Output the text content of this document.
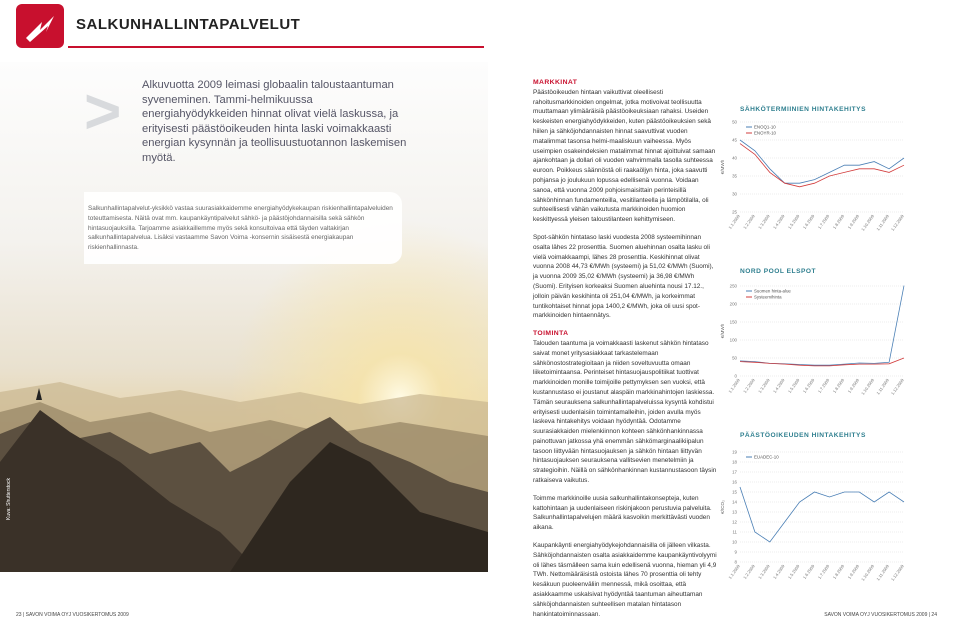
SALKUNHALLINTAPALVELUT
> Alkuvuotta 2009 leimasi globaalin taloustaantuman syveneminen. Tammi-helmikuussa energiahyödykkeiden hinnat olivat vielä laskussa, ja erityisesti päästöoikeuden hinta laski voimakkaasti energian kysynnän ja teollisuustuotannon laskemisen myötä.
Salkunhallintapalvelut-yksikkö vastaa suurasiakkaidemme energiahyödykekaupan riskienhallintapalveluiden toteuttamisesta. Näitä ovat mm. kaupankäyntipalvelut sähkö- ja päästöjohdannaisilla sekä sähkön hintasuojauksilla. Tarjoamme asiakkaillemme myös sekä konsultoivaa että täyden valtakirjan salkunhallintapalvelua. Lisäksi vastaamme Savon Voima -konsernin sisäisestä energiakaupan riskienhallinnasta.
Kuva: Shutterstock
23 | SAVON VOIMA OYJ VUOSIKERTOMUS 2009
MARKKINAT
Päästöoikeuden hintaan vaikuttivat oleellisesti rahoitusmarkkinoiden ongelmat, jotka motivoivat teollisuutta muuttamaan ylimääräisiä päästöoikeuksiaan rahaksi. Useiden keskeisten energiahyödykkeiden, kuten päästöoikeuksien sekä hiilen ja sähköjohdannaisten hinnat saavuttivat vuoden matalimmat tasonsa helmi-maaliskuun vaiheessa. Myös useimpien osakeindeksien matalimmat hinnat ajoittuivat samaan ajankohtaan ja dollari oli vuoden vahvimmalla tasolla suhteessa euroon. Poikkeus säännöstä oli raakaöljyn hinta, joka saavutti pohjansa jo joulukuun lopussa edellisenä vuonna. Voidaan sanoa, että vuonna 2009 pohjoismaisittain perinteisillä sähkönhinnan fundamenteilla, vesitilanteella ja lämpötilalla, oli suhteellisesti vähän vaikutusta markkinoiden huomion keskittyessä yleisen taloustilanteen kehittymiseen.
Spot-sähkön hintataso laski vuodesta 2008 systeemihinnan osalta lähes 22 prosenttia. Suomen aluehinnan osalta lasku oli vielä voimakkaampi, lähes 28 prosenttia. Keskihinnat olivat vuonna 2008 44,73 €/MWh (systeemi) ja 51,02 €/MWh (Suomi), ja vuonna 2009 35,02 €/MWh (systeemi) ja 36,98 €/MWh (Suomi). Erityisen korkeaksi Suomen aluehinta nousi 17.12., jolloin päivän keskihinta oli 251,04 €/MWh, ja korkeimmat tuntikohtaiset hinnat jopa 1400,2 €/MWh, joka oli uusi spot-markkinoiden hintaennätys.
TOIMINTA
Talouden taantuma ja voimakkaasti laskenut sähkön hintataso saivat monet yritysasiakkaat tarkastelemaan sähkönostostrategioitaan ja niiden soveltuvuutta omaan liiketoimintaansa. Perinteiset hintasuojauspolitiikat tuottivat markkinoiden monille toimijoille pettymyksen sen vuoksi, että kustannustaso ei joustanut alaspäin markkinahintojen laskiessa. Tämän seurauksena salkunhallintapalveluissa kysyntä kohdistui erityisesti uudenlaisiin toimintamalleihin, joiden avulla myös laskeva hintakehitys voidaan hyödyntää. Odotamme suurasiakkaiden mielenkiinnon kohteen sähkönhankinnassa painottuvan jatkossa yhä enemmän sähkömarginaalikiipalun tasoon liittyvään hintasuojauksen ja sähkön hintaan liittyvän hintasuojauksen seurauksena vallitsevien menetelmiin ja strategioihin. Näillä on sähkönhankinnan kustannustasoon täysin ratkaiseva vaikutus.
Toimme markkinoille uusia salkunhallintakonsepteja, kuten kattohintaan ja uudenlaiseen riskinjakoon perustuvia palveluita. Salkunhallintapalvelujen määrä kasvoikin merkittävästi vuoden aikana.
Kaupankäynti energiahyödykejohdannaisilla oli jälleen vilkasta. Sähköjohdannaisten osalta asiakkaidemme kaupankäyntivolyymi oli lähes täsmälleen sama kuin edellisenä vuonna, hieman yli 4,9 TWh. Nettomääräisistä ostoista lähes 70 prosenttia oli tehty kesäkuun puoleenväliin mennessä, mikä osoittaa, että asiakkaamme uskalsivat hyödyntää taantuman aiheuttaman sähköjohdannaisten suhteellisen matalan hintatason hankintatoiminnassaan.
SÄHKÖTERMIINIEN HINTAKEHITYS
€/MWh
25
30
35
40
45
50
1.1.2009 1.2.2009 1.3.2009 1.4.2009 1.5.2009 1.6.2009 1.7.2009 1.8.2009 1.9.2009 1.10.2009 1.11.2009 1.12.2009
ENOQ1-10
ENOYR-10
NORD POOL ELSPOT
€/MWh
0
50
100
150
200
250
1.1.2009 1.2.2009 1.3.2009 1.4.2009 1.5.2009 1.6.2009 1.7.2009 1.8.2009 1.9.2009 1.10.2009 1.11.2009 1.12.2009
Suomen hinta-alue
Systeemihinta
PÄÄSTÖOIKEUDEN HINTAKEHITYS
€/tCO₂
8
9
10
11
12
13
14
15
16
17
18
19
1.1.2009 1.2.2009 1.3.2009 1.4.2009 1.5.2009 1.6.2009 1.7.2009 1.8.2009 1.9.2009 1.10.2009 1.11.2009 1.12.2009
EUADEC-10
SAVON VOIMA OYJ VUOSIKERTOMUS 2009 | 24
